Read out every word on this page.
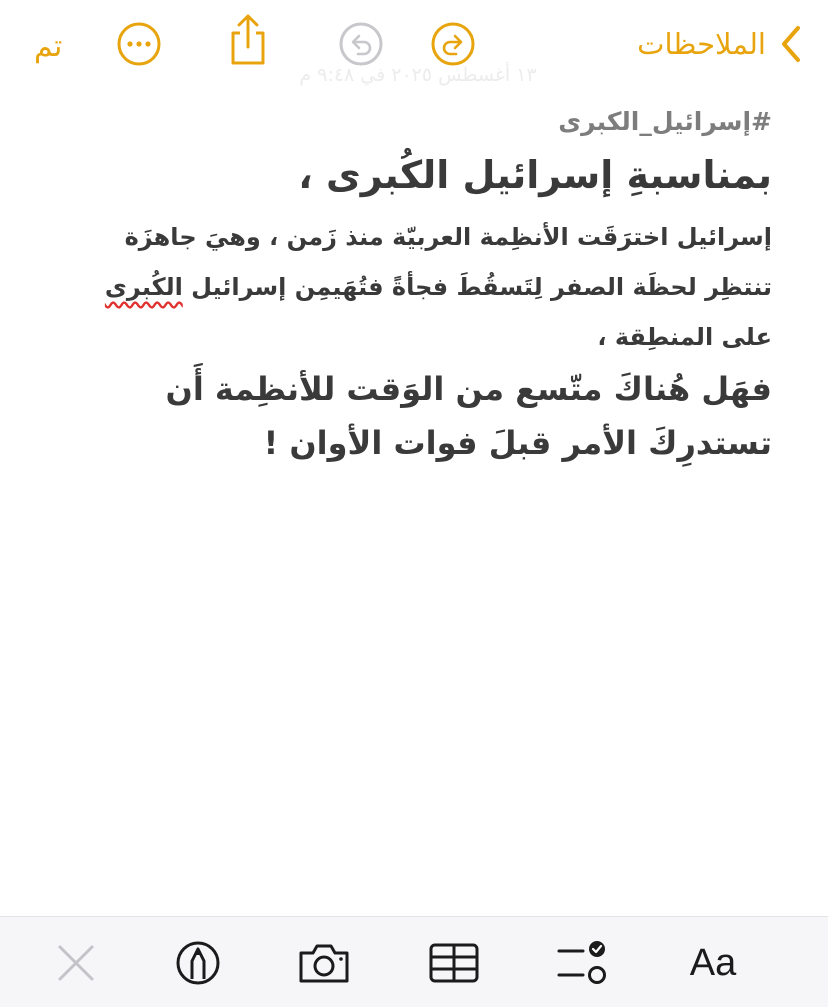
تم	الملاحظات
١٣ أغسطس ٢٠٢٥ في ٩:٤٨ م

#إسرائيل_الكبرى

بمناسبةِ إسرائيل الكُبرى ،

إسرائيل اخترَقَت الأنظِمة العربيّة منذ زَمن ، وهيَ جاهزَة تنتظِر لحظَة الصفر لِتَسقُطَ فجأةً فتُهَيمِن إسرائيل الكُبرى على المنطِقة ،

فهَل هُناكَ متّسع من الوَقت للأنظِمة أَن تستدرِكَ الأمر قبلَ فوات الأوان !

Aa
